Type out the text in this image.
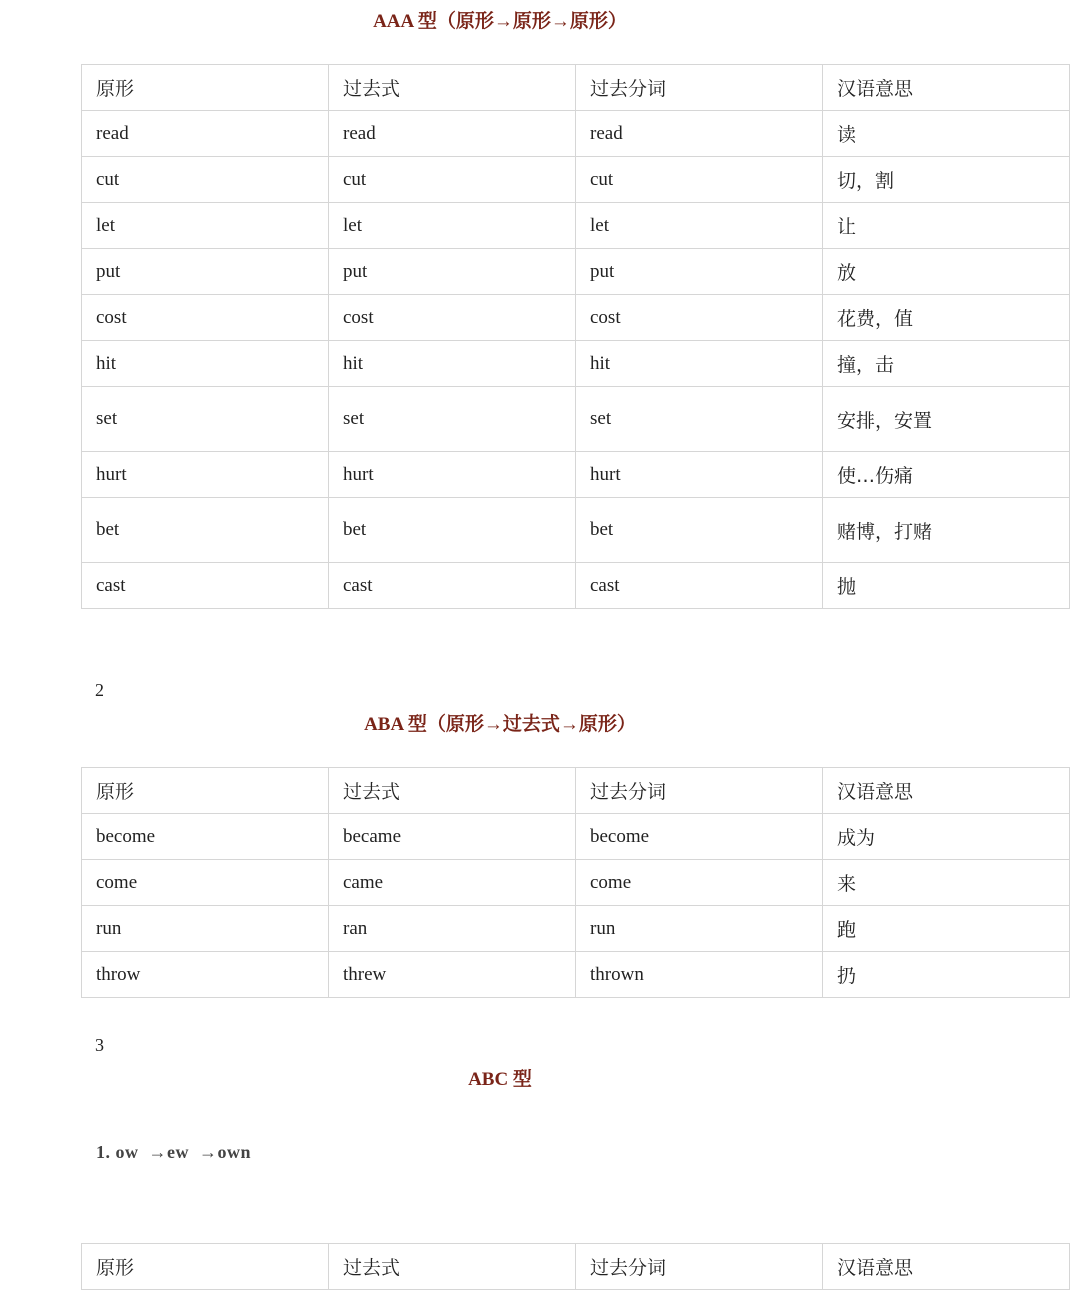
AAA 型（原形→原形→原形）
原形	过去式	过去分词	汉语意思
read	read	read	读
cut	cut	cut	切，割
let	let	let	让
put	put	put	放
cost	cost	cost	花费，值
hit	hit	hit	撞，击
set	set	set	安排，安置
hurt	hurt	hurt	使…伤痛
bet	bet	bet	赌博，打赌
cast	cast	cast	抛
2
ABA 型（原形→过去式→原形）
原形	过去式	过去分词	汉语意思
become	became	become	成为
come	came	come	来
run	ran	run	跑
throw	threw	thrown	扔
3
ABC 型
1. ow  →ew  →own
原形	过去式	过去分词	汉语意思
